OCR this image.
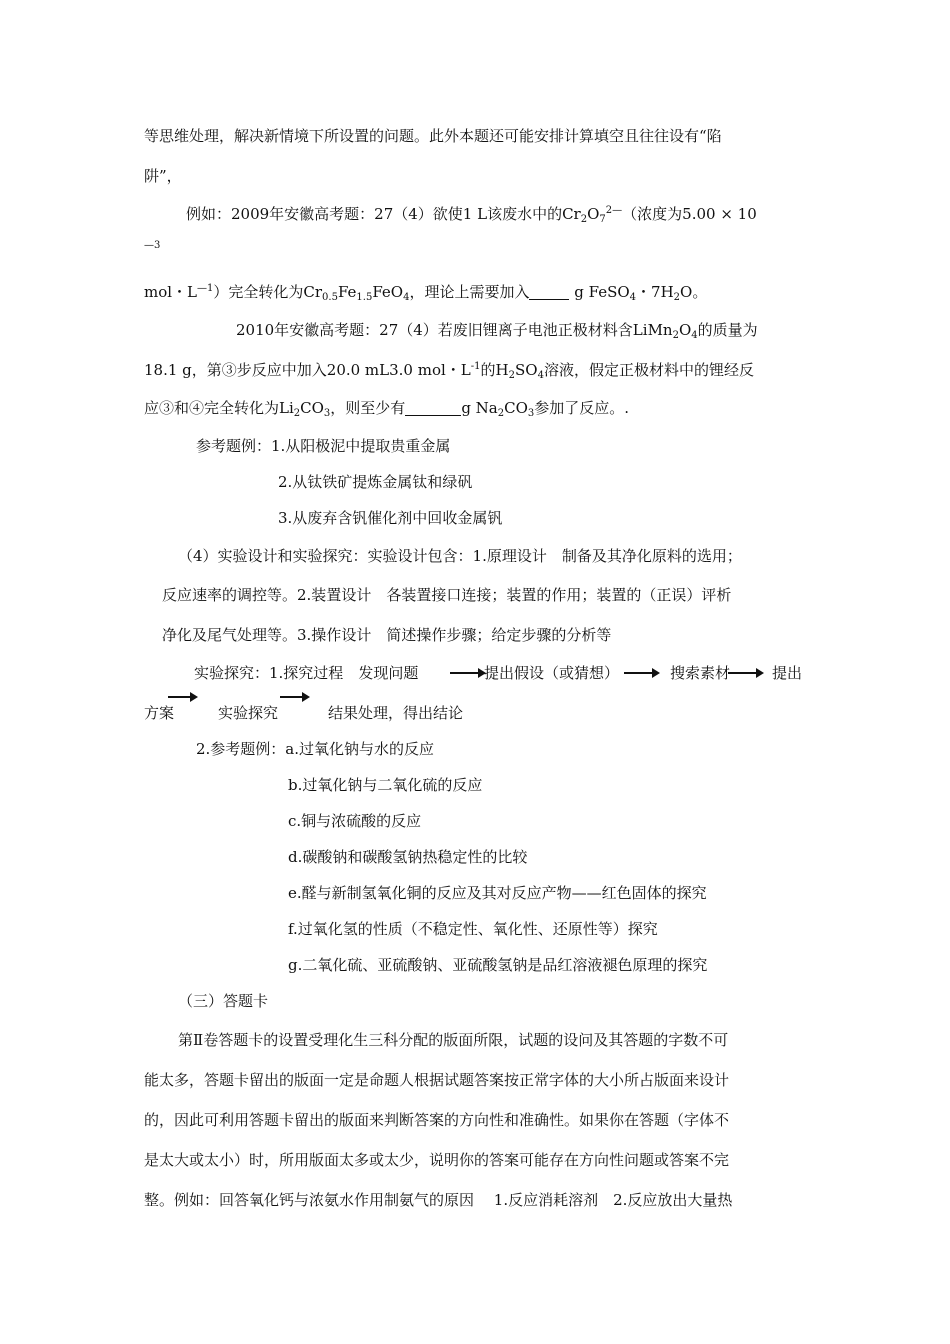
等思维处理，解决新情境下所设置的问题。此外本题还可能安排计算填空且往往设有“陷
阱”，
例如：2009年安徽高考题：27（4）欲使1 L该废水中的$Cr_2O_7^{2—}$（浓度为5.00 × 10
—3
mol・$L^{—1}$）完全转化为$Cr_{0.5}Fe_{1.5}FeO_4$，理论上需要加入	g FeSO$_4$・$7H_2O$。
2010年安徽高考题：27（4）若废旧锂离子电池正极材料含$LiMn_2O_4$的质量为
18.1 g，第③步反应中加入20.0 mL3.0 mol・$L^{-1}$的$H_2SO_4$溶液，假定正极材料中的锂经反
应③和④完全转化为$Li_2CO_3$，则至少有	g $Na_2CO_3$参加了反应。.
参考题例：1.从阳极泥中提取贵重金属
2.从钛铁矿提炼金属钛和绿矾
3.从废弃含钒催化剂中回收金属钒
（4）实验设计和实验探究：实验设计包含：1.原理设计　制备及其净化原料的选用；
反应速率的调控等。2.装置设计　各装置接口连接；装置的作用；装置的（正误）评析
净化及尾气处理等。3.操作设计　简述操作步骤；给定步骤的分析等
实验探究：1.探究过程　发现问题	提出假设（或猜想）	搜索素材	提出
方案	实验探究	结果处理，得出结论
2.参考题例：a.过氧化钠与水的反应
b.过氧化钠与二氧化硫的反应
c.铜与浓硫酸的反应
d.碳酸钠和碳酸氢钠热稳定性的比较
e.醛与新制氢氧化铜的反应及其对反应产物——红色固体的探究
f.过氧化氢的性质（不稳定性、氧化性、还原性等）探究
g.二氧化硫、亚硫酸钠、亚硫酸氢钠是品红溶液褪色原理的探究
（三）答题卡
第Ⅱ卷答题卡的设置受理化生三科分配的版面所限，试题的设问及其答题的字数不可
能太多，答题卡留出的版面一定是命题人根据试题答案按正常字体的大小所占版面来设计
的，因此可利用答题卡留出的版面来判断答案的方向性和准确性。如果你在答题（字体不
是太大或太小）时，所用版面太多或太少，说明你的答案可能存在方向性问题或答案不完
整。例如：回答氧化钙与浓氨水作用制氨气的原因　 1.反应消耗溶剂　2.反应放出大量热
